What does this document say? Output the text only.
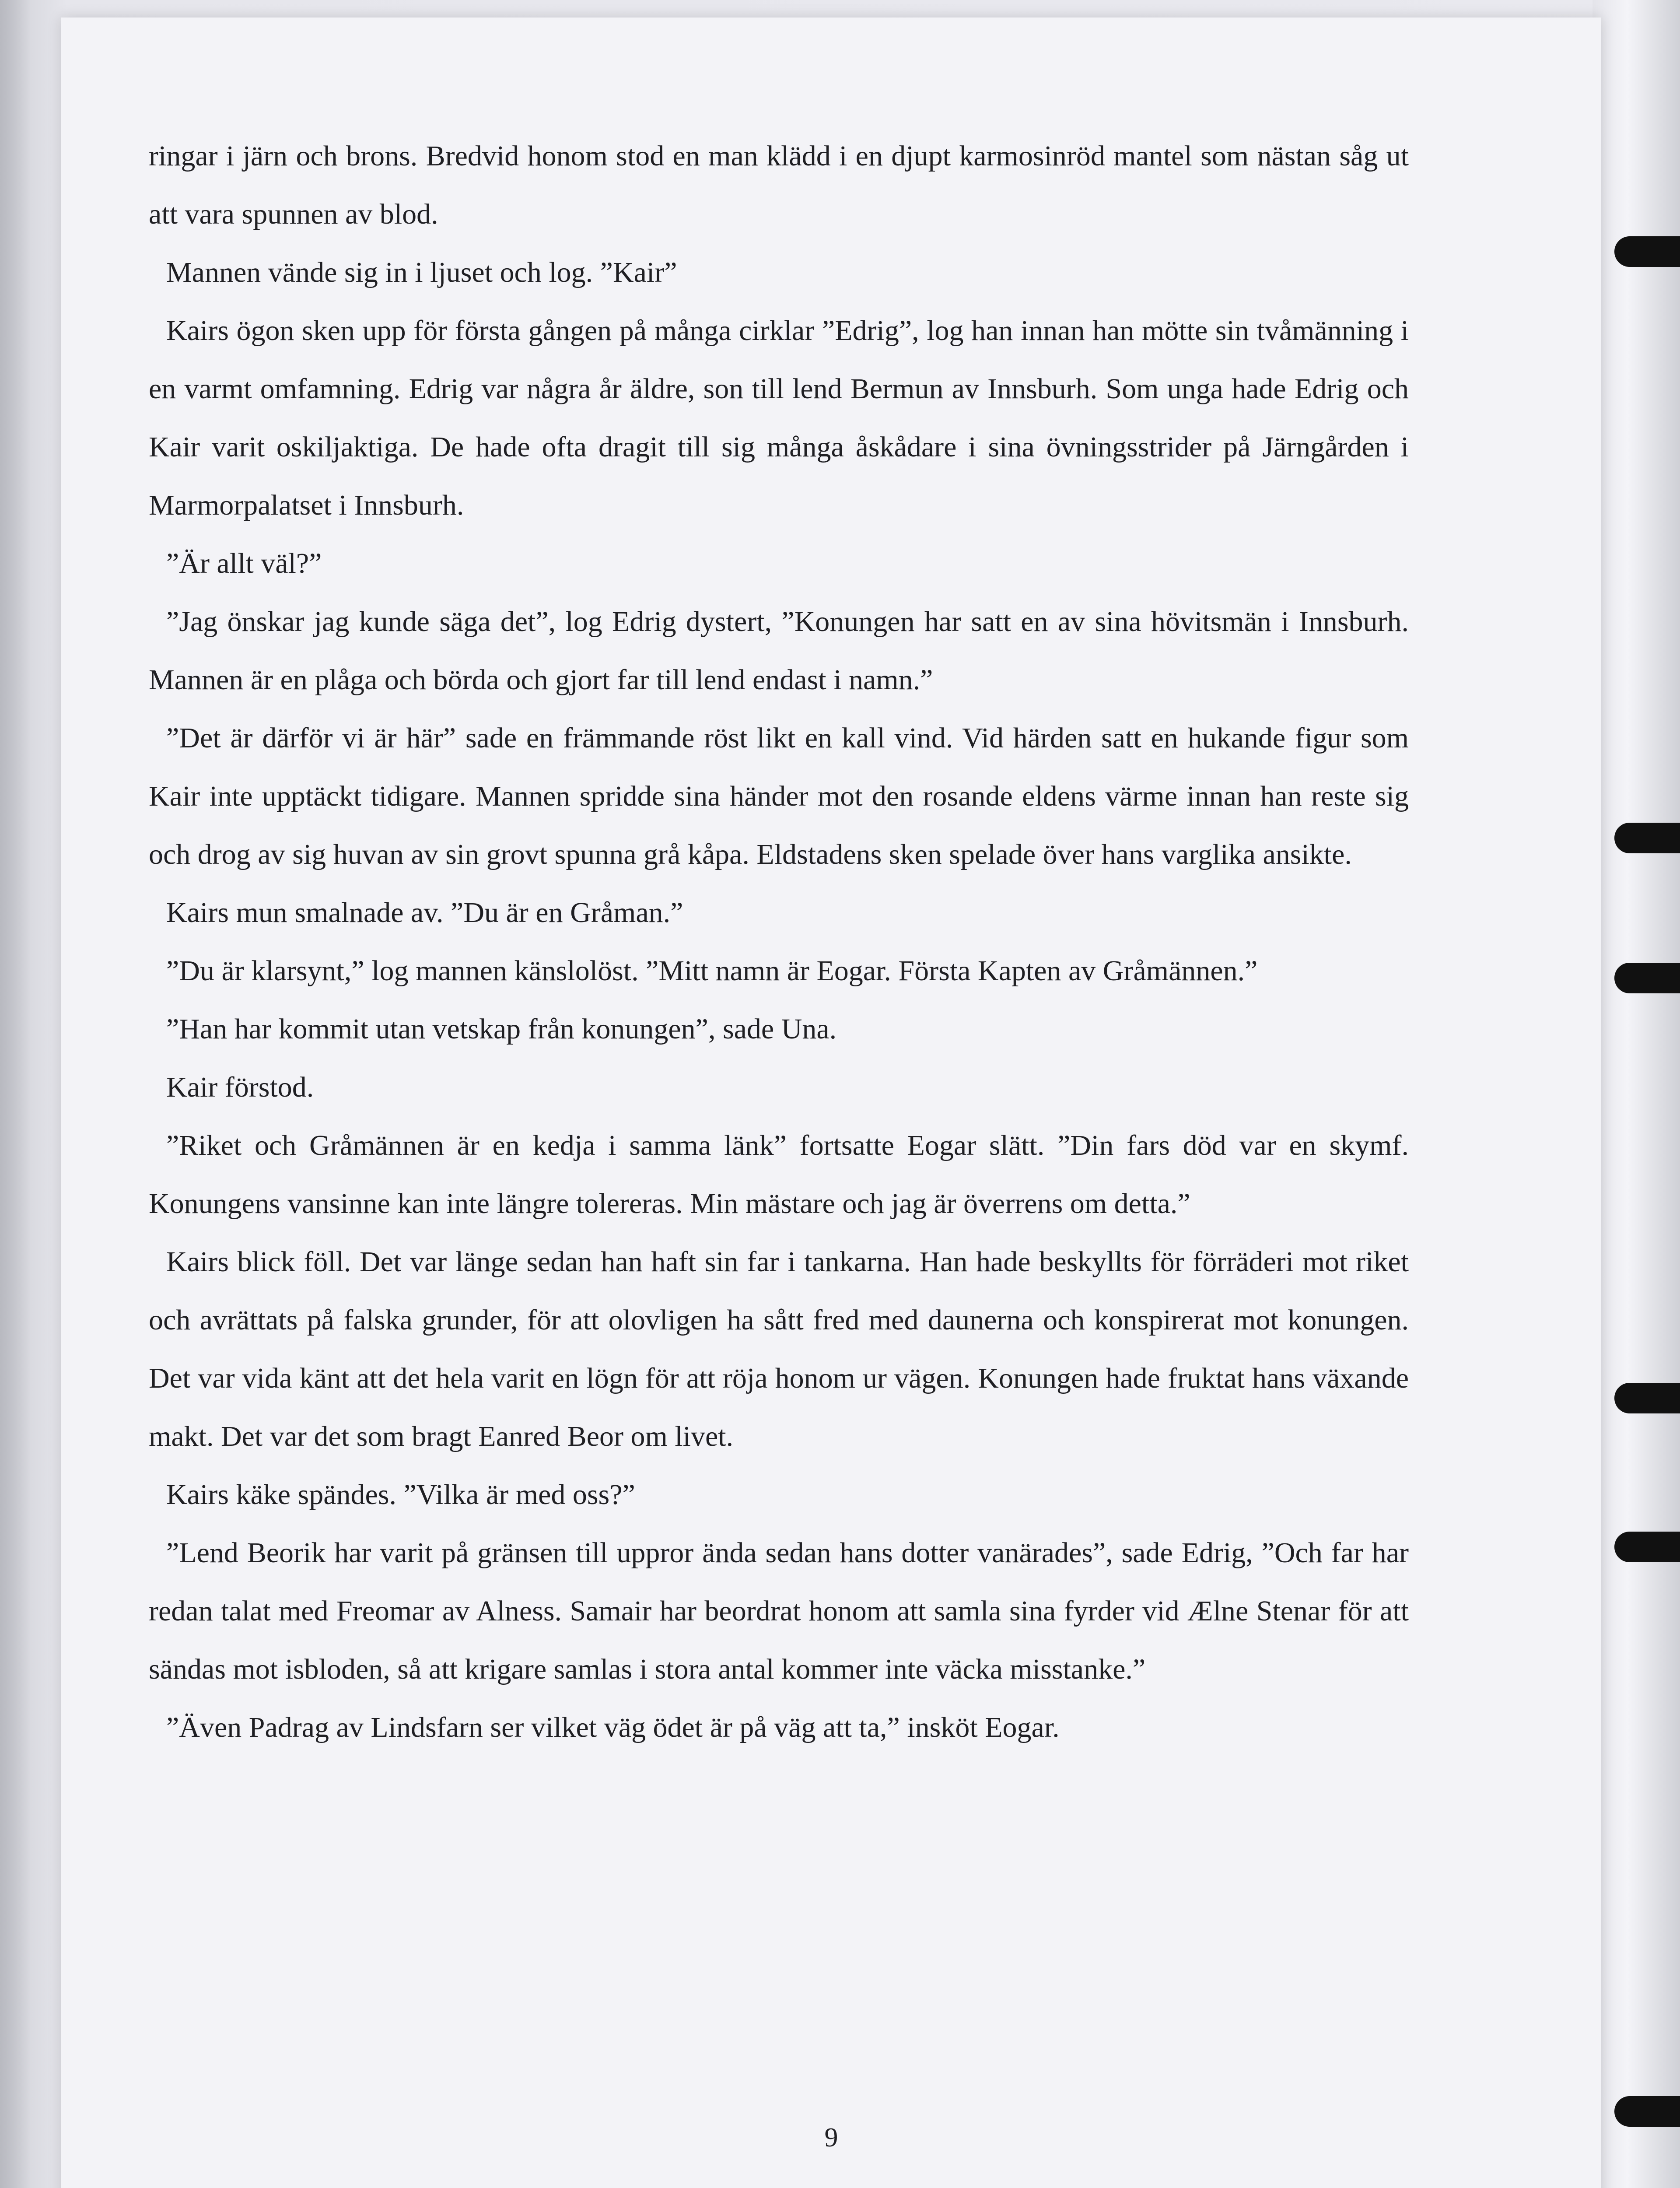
ringar i järn och brons. Bredvid honom stod en man klädd i en djupt karmosinröd mantel som nästan såg ut att vara spunnen av blod.

Mannen vände sig in i ljuset och log. ”Kair”

Kairs ögon sken upp för första gången på många cirklar ”Edrig”, log han innan han mötte sin tvåmänning i en varmt omfamning. Edrig var några år äldre, son till lend Bermun av Innsburh. Som unga hade Edrig och Kair varit oskiljaktiga. De hade ofta dragit till sig många åskådare i sina övningsstrider på Järngården i Marmorpalatset i Innsburh.

”Är allt väl?”

”Jag önskar jag kunde säga det”, log Edrig dystert, ”Konungen har satt en av sina hövitsmän i Innsburh. Mannen är en plåga och börda och gjort far till lend endast i namn.”

”Det är därför vi är här” sade en främmande röst likt en kall vind. Vid härden satt en hukande figur som Kair inte upptäckt tidigare. Mannen spridde sina händer mot den rosande eldens värme innan han reste sig och drog av sig huvan av sin grovt spunna grå kåpa. Eldstadens sken spelade över hans varglika ansikte.

Kairs mun smalnade av. ”Du är en Gråman.”

”Du är klarsynt,” log mannen känslolöst. ”Mitt namn är Eogar. Första Kapten av Gråmännen.”

”Han har kommit utan vetskap från konungen”, sade Una.

Kair förstod.

”Riket och Gråmännen är en kedja i samma länk” fortsatte Eogar slätt. ”Din fars död var en skymf. Konungens vansinne kan inte längre tolereras. Min mästare och jag är överrens om detta.”

Kairs blick föll. Det var länge sedan han haft sin far i tankarna. Han hade beskyllts för förräderi mot riket och avrättats på falska grunder, för att olovligen ha sått fred med daunerna och konspirerat mot konungen. Det var vida känt att det hela varit en lögn för att röja honom ur vägen. Konungen hade fruktat hans växande makt. Det var det som bragt Eanred Beor om livet.

Kairs käke spändes. ”Vilka är med oss?”

”Lend Beorik har varit på gränsen till uppror ända sedan hans dotter vanärades”, sade Edrig, ”Och far har redan talat med Freomar av Alness. Samair har beordrat honom att samla sina fyrder vid Ælne Stenar för att sändas mot isbloden, så att krigare samlas i stora antal kommer inte väcka misstanke.”

”Även Padrag av Lindsfarn ser vilket väg ödet är på väg att ta,” insköt Eogar.

9
